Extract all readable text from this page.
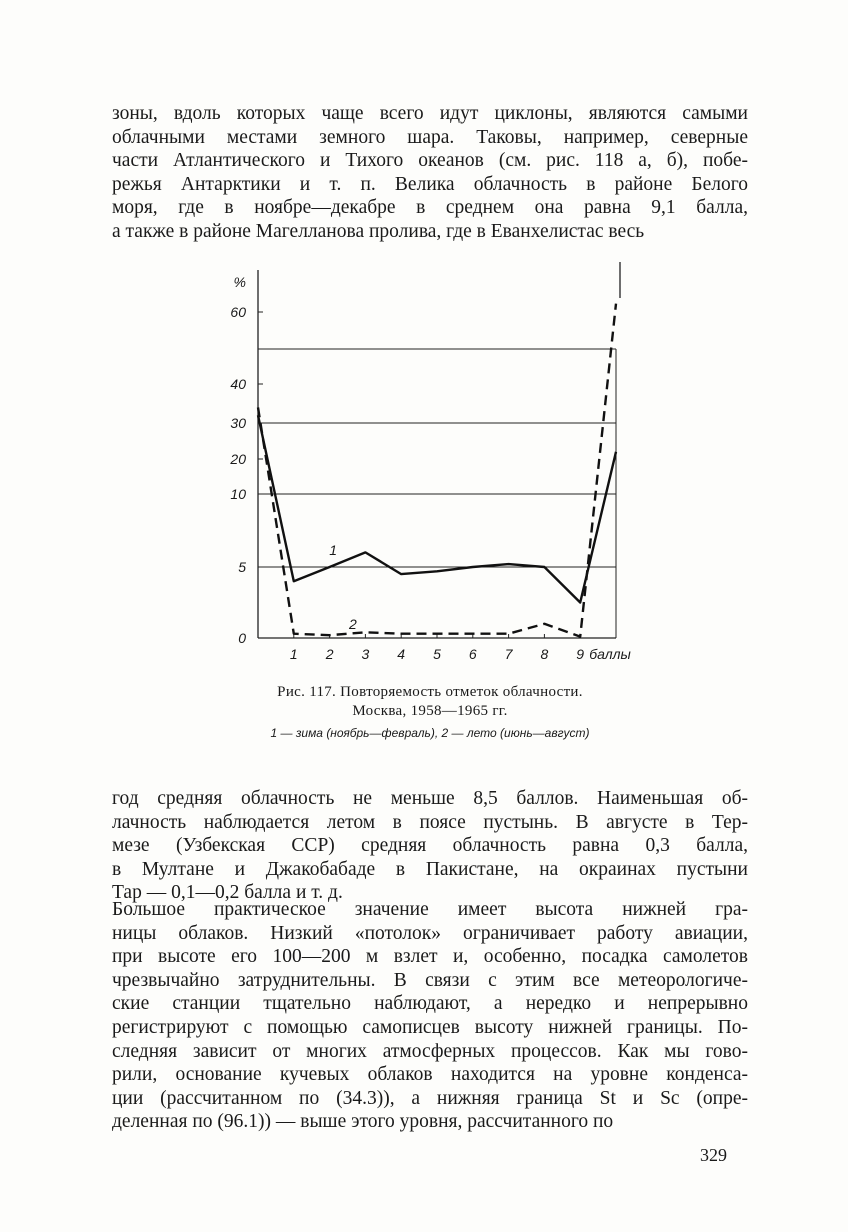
зоны, вдоль которых чаще всего идут циклоны, являются самыми
облачными местами земного шара. Таковы, например, северные
части Атлантического и Тихого океанов (см. рис. 118 а, б), побе-
режья Антарктики и т. п. Велика облачность в районе Белого
моря, где в ноябре—декабре в среднем она равна 9,1 балла,
а также в районе Магелланова пролива, где в Еванхелистас весь
0
5
10
20
30
40
60
%
1 2 3 4 5 6 7 8 9 баллы
1
2

Рис. 117. Повторяемость отметок облачности.
Москва, 1958—1965 гг.

1 — зима (ноябрь—февраль), 2 — лето (июнь—август)

год средняя облачность не меньше 8,5 баллов. Наименьшая об-
лачность наблюдается летом в поясе пустынь. В августе в Тер-
мезе (Узбекская ССР) средняя облачность равна 0,3 балла,
в Мултане и Джакобабаде в Пакистане, на окраинах пустыни
Тар — 0,1—0,2 балла и т. д.
Большое практическое значение имеет высота нижней гра-
ницы облаков. Низкий «потолок» ограничивает работу авиации,
при высоте его 100—200 м взлет и, особенно, посадка самолетов
чрезвычайно затруднительны. В связи с этим все метеорологиче-
ские станции тщательно наблюдают, а нередко и непрерывно
регистрируют с помощью самописцев высоту нижней границы. По-
следняя зависит от многих атмосферных процессов. Как мы гово-
рили, основание кучевых облаков находится на уровне конденса-
ции (рассчитанном по (34.3)), а нижняя граница St и Sc (опре-
деленная по (96.1)) — выше этого уровня, рассчитанного по
329
